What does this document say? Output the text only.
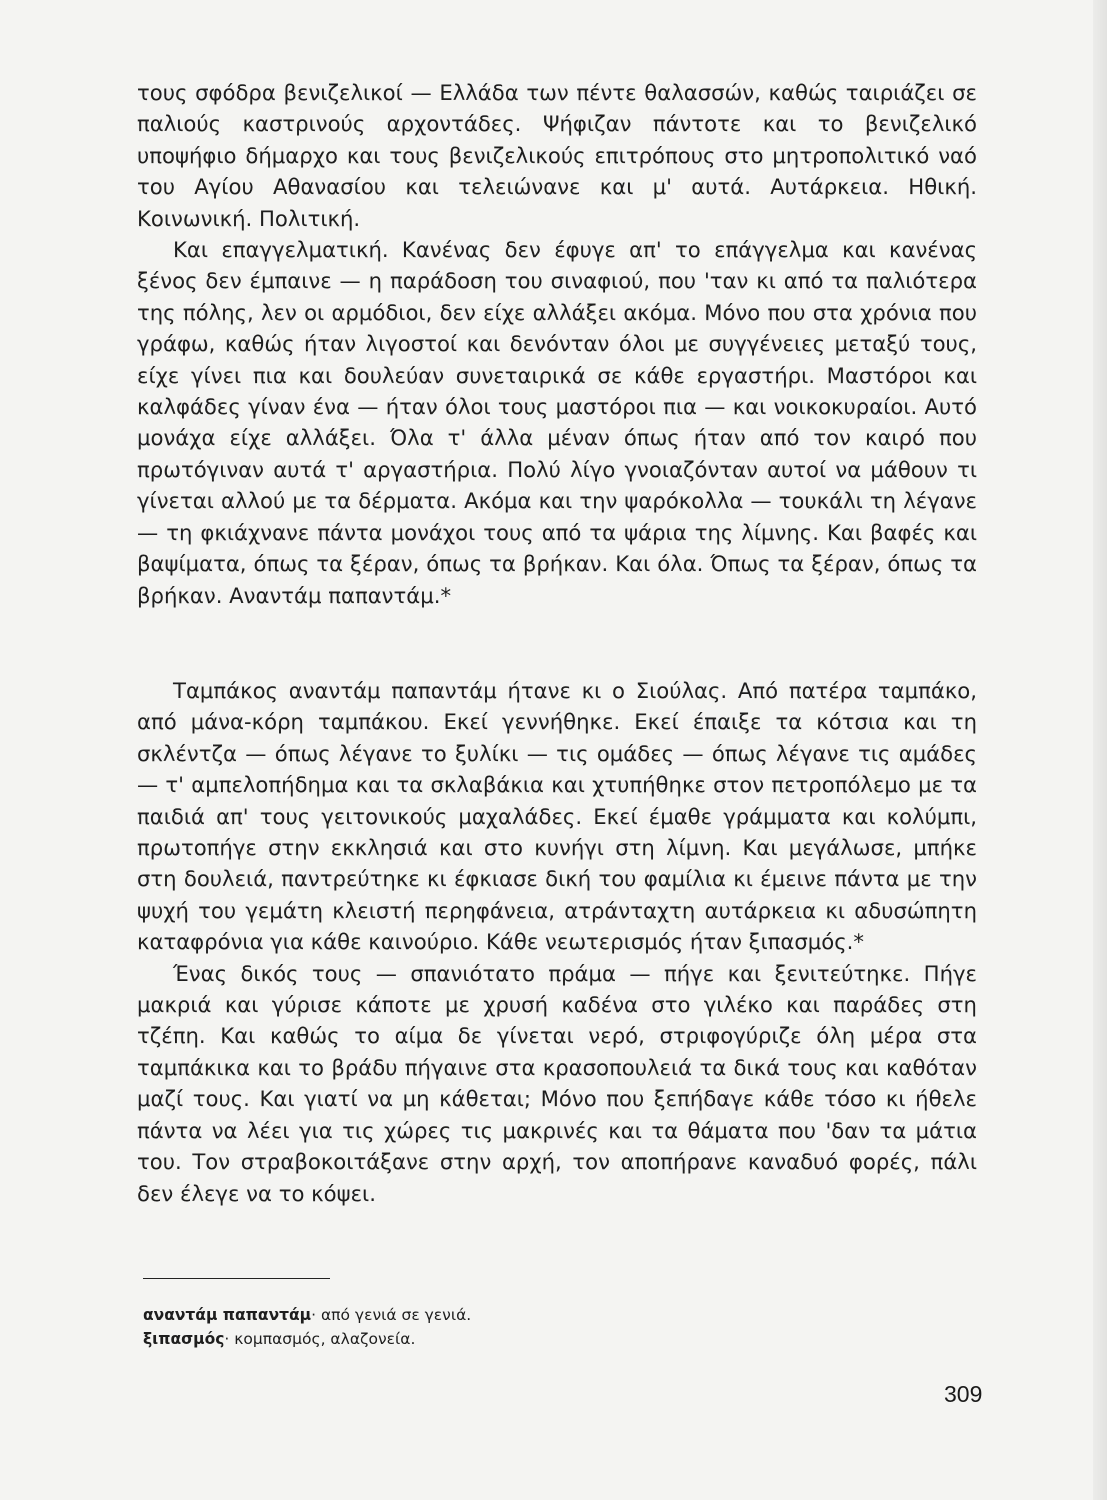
τους σφόδρα βενιζελικοί — Ελλάδα των πέντε θαλασσών, καθώς ταιριάζει σε παλιούς καστρινούς αρχοντάδες. Ψήφιζαν πάντοτε και το βενιζελικό υποψήφιο δήμαρχο και τους βενιζελικούς επιτρόπους στο μητροπολιτικό ναό του Αγίου Αθανασίου και τελειώνανε και μ' αυτά. Αυτάρκεια. Ηθική. Κοινωνική. Πολιτική.

Και επαγγελματική. Κανένας δεν έφυγε απ' το επάγγελμα και κανένας ξένος δεν έμπαινε — η παράδοση του σιναφιού, που 'ταν κι από τα παλιότερα της πόλης, λεν οι αρμόδιοι, δεν είχε αλλάξει ακόμα. Μόνο που στα χρόνια που γράφω, καθώς ήταν λιγοστοί και δενόνταν όλοι με συγγένειες μεταξύ τους, είχε γίνει πια και δουλεύαν συνεταιρικά σε κάθε εργαστήρι. Μαστόροι και καλφάδες γίναν ένα — ήταν όλοι τους μαστόροι πια — και νοικοκυραίοι. Αυτό μονάχα είχε αλλάξει. Όλα τ' άλλα μέναν όπως ήταν από τον καιρό που πρωτόγιναν αυτά τ' αργαστήρια. Πολύ λίγο γνοιαζόνταν αυτοί να μάθουν τι γίνεται αλλού με τα δέρματα. Ακόμα και την ψαρόκολλα — τουκάλι τη λέγανε — τη φκιάχνανε πάντα μονάχοι τους από τα ψάρια της λίμνης. Και βαφές και βαψίματα, όπως τα ξέραν, όπως τα βρήκαν. Και όλα. Όπως τα ξέραν, όπως τα βρήκαν. Αναντάμ παπαντάμ.*

Ταμπάκος αναντάμ παπαντάμ ήτανε κι ο Σιούλας. Από πατέρα ταμπάκο, από μάνα-κόρη ταμπάκου. Εκεί γεννήθηκε. Εκεί έπαιξε τα κότσια και τη σκλέντζα — όπως λέγανε το ξυλίκι — τις ομάδες — όπως λέγανε τις αμάδες — τ' αμπελοπήδημα και τα σκλαβάκια και χτυπήθηκε στον πετροπόλεμο με τα παιδιά απ' τους γειτονικούς μαχαλάδες. Εκεί έμαθε γράμματα και κολύμπι, πρωτοπήγε στην εκκλησιά και στο κυνήγι στη λίμνη. Και μεγάλωσε, μπήκε στη δουλειά, παντρεύτηκε κι έφκιασε δική του φαμίλια κι έμεινε πάντα με την ψυχή του γεμάτη κλειστή περηφάνεια, ατράνταχτη αυτάρκεια κι αδυσώπητη καταφρόνια για κάθε καινούριο. Κάθε νεωτερισμός ήταν ξιπασμός.*

Ένας δικός τους — σπανιότατο πράμα — πήγε και ξενιτεύτηκε. Πήγε μακριά και γύρισε κάποτε με χρυσή καδένα στο γιλέκο και παράδες στη τζέπη. Και καθώς το αίμα δε γίνεται νερό, στριφογύριζε όλη μέρα στα ταμπάκικα και το βράδυ πήγαινε στα κρασοπουλειά τα δικά τους και καθόταν μαζί τους. Και γιατί να μη κάθεται; Μόνο που ξεπήδαγε κάθε τόσο κι ήθελε πάντα να λέει για τις χώρες τις μακρινές και τα θάματα που 'δαν τα μάτια του. Τον στραβοκοιτάξανε στην αρχή, τον αποπήρανε καναδυό φορές, πάλι δεν έλεγε να το κόψει.

αναντάμ παπαντάμ· από γενιά σε γενιά.

ξιπασμός· κομπασμός, αλαζονεία.

309
